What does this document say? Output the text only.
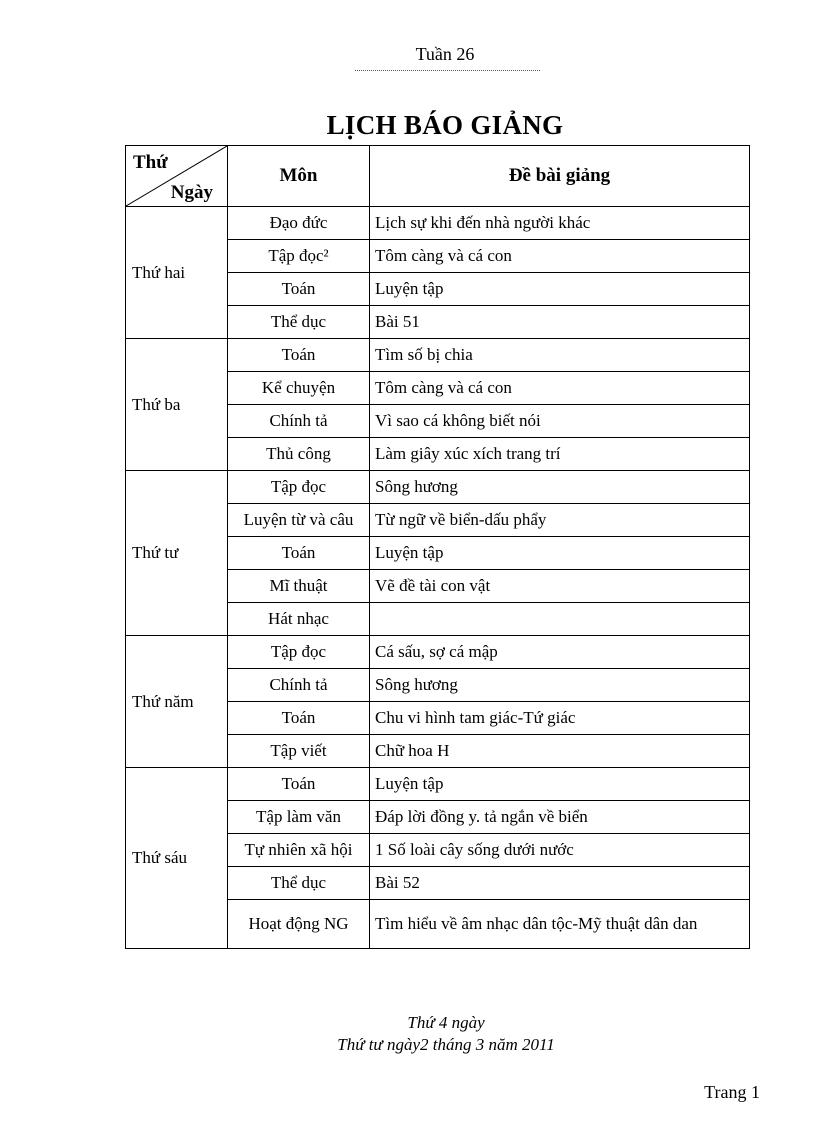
Tuần 26
LỊCH BÁO GIẢNG
Thứ
Ngày	Môn	Đề bài giảng
Thứ hai	Đạo đức	Lịch sự khi đến nhà người khác
	Tập đọc²	Tôm càng và cá con
	Toán	Luyện tập
	Thể dục	Bài 51
Thứ ba	Toán	Tìm số bị chia
	Kể chuyện	Tôm càng và cá con
	Chính tả	Vì sao cá không biết nói
	Thủ công	Làm giây xúc xích trang trí
Thứ tư	Tập đọc	Sông hương
	Luyện từ và câu	Từ ngữ về biển-dấu phẩy
	Toán	Luyện tập
	Mĩ thuật	Vẽ đề tài con vật
	Hát nhạc	
Thứ năm	Tập đọc	Cá sấu, sợ cá mập
	Chính tả	Sông hương
	Toán	Chu vi hình tam giác-Tứ giác
	Tập viết	Chữ hoa H
Thứ sáu	Toán	Luyện tập
	Tập làm văn	Đáp lời đồng y. tả ngắn về biển
	Tự nhiên xã hội	1 Số loài cây sống dưới nước
	Thể dục	Bài 52
	Hoạt động NG	Tìm hiểu về âm nhạc dân tộc-Mỹ thuật dân dan
Thứ 4 ngày
Thứ tư ngày2 tháng 3 năm 2011
Trang 1
